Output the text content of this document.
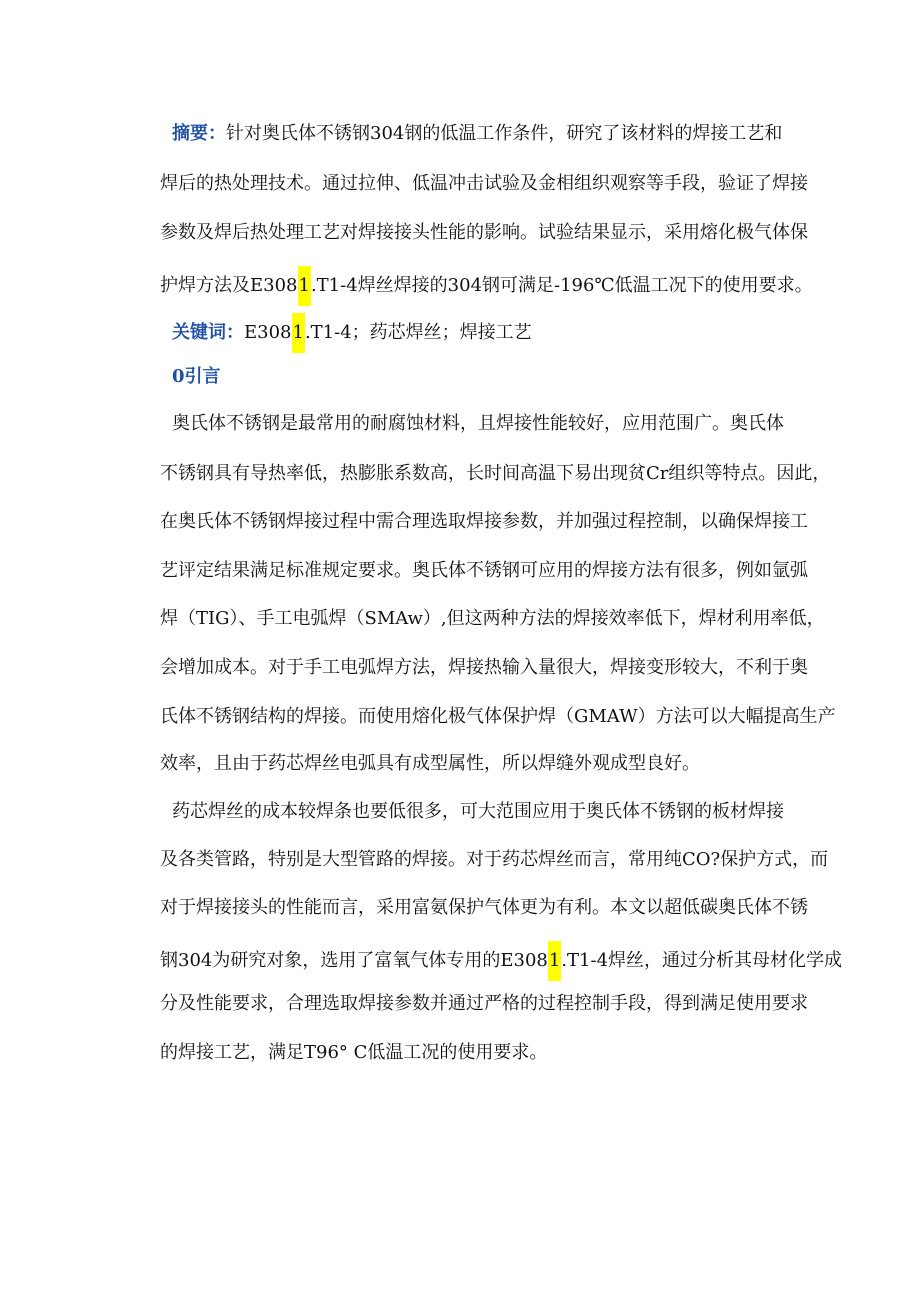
摘要：针对奥氏体不锈钢304钢的低温工作条件，研究了该材料的焊接工艺和
焊后的热处理技术。通过拉伸、低温冲击试验及金相组织观察等手段，验证了焊接
参数及焊后热处理工艺对焊接接头性能的影响。试验结果显示，采用熔化极气体保
护焊方法及E3081.T1-4焊丝焊接的304钢可满足-196℃低温工况下的使用要求。
关键词：E3081.T1-4；药芯焊丝；焊接工艺
0引言
奥氏体不锈钢是最常用的耐腐蚀材料，且焊接性能较好，应用范围广。奥氏体
不锈钢具有导热率低，热膨胀系数高，长时间高温下易出现贫Cr组织等特点。因此，
在奥氏体不锈钢焊接过程中需合理选取焊接参数，并加强过程控制，以确保焊接工
艺评定结果满足标准规定要求。奥氏体不锈钢可应用的焊接方法有很多，例如氩弧
焊（TIG）、手工电弧焊（SMAw）,但这两种方法的焊接效率低下，焊材利用率低，
会增加成本。对于手工电弧焊方法，焊接热输入量很大，焊接变形较大，不利于奥
氏体不锈钢结构的焊接。而使用熔化极气体保护焊（GMAW）方法可以大幅提高生产
效率，且由于药芯焊丝电弧具有成型属性，所以焊缝外观成型良好。
药芯焊丝的成本较焊条也要低很多，可大范围应用于奥氏体不锈钢的板材焊接
及各类管路，特别是大型管路的焊接。对于药芯焊丝而言，常用纯CO?保护方式，而
对于焊接接头的性能而言，采用富氨保护气体更为有利。本文以超低碳奥氏体不锈
钢304为研究对象，选用了富氧气体专用的E3081.T1-4焊丝，通过分析其母材化学成
分及性能要求，合理选取焊接参数并通过严格的过程控制手段，得到满足使用要求
的焊接工艺，满足T96° C低温工况的使用要求。
